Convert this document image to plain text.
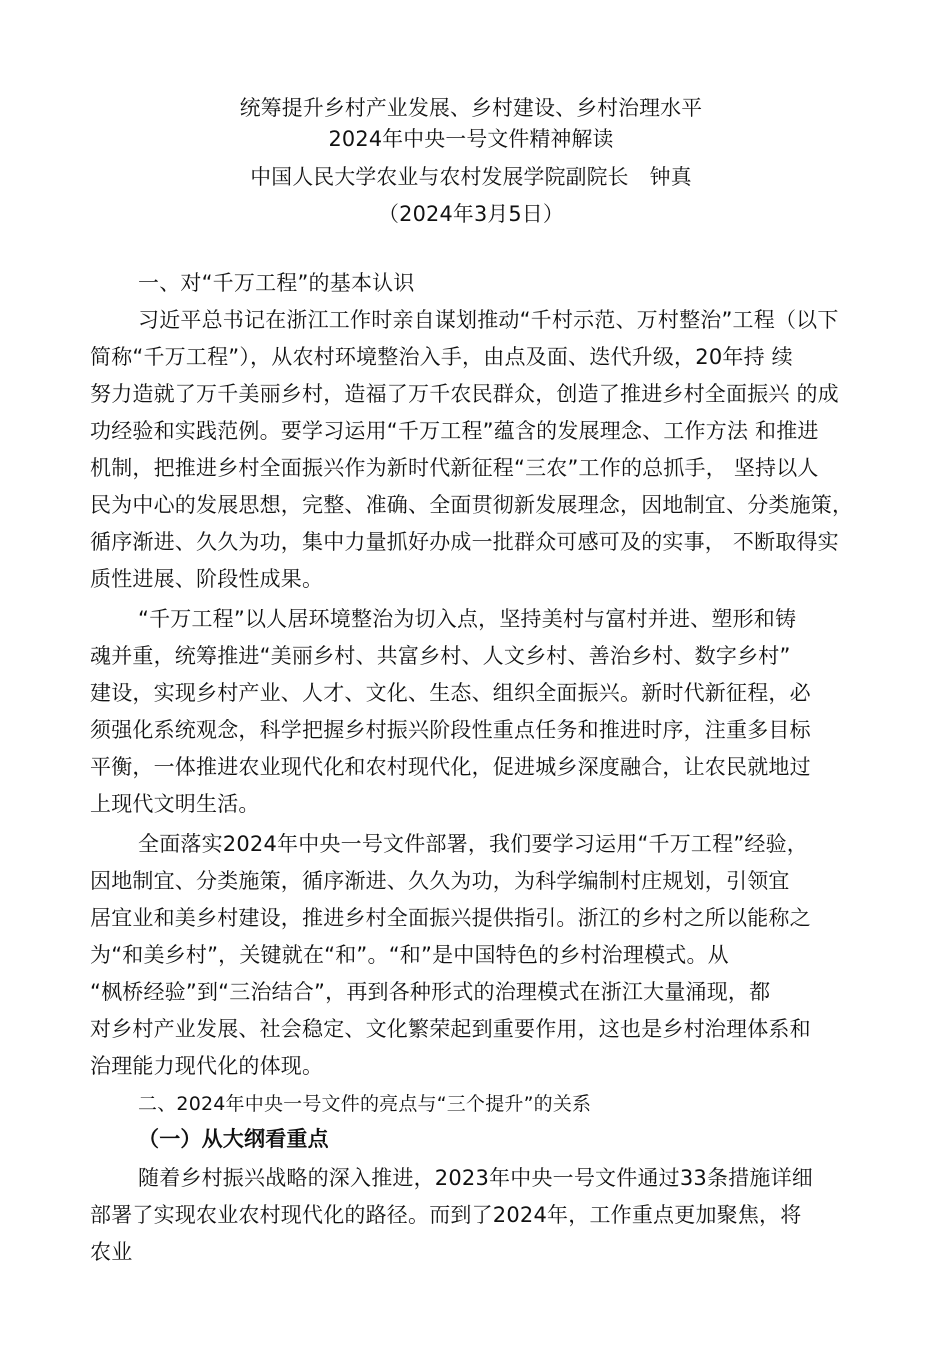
统筹提升乡村产业发展、乡村建设、乡村治理水平
2024年中央一号文件精神解读
中国人民大学农业与农村发展学院副院长　钟真
（2024年3月5日）
一、对“千万工程”的基本认识
习近平总书记在浙江工作时亲自谋划推动“千村示范、万村整治”工程（以下
简称“千万工程”），从农村环境整治入手，由点及面、迭代升级，20年持 续
努力造就了万千美丽乡村，造福了万千农民群众，创造了推进乡村全面振兴 的成
功经验和实践范例。要学习运用“千万工程”蕴含的发展理念、工作方法 和推进
机制，把推进乡村全面振兴作为新时代新征程“三农”工作的总抓手， 坚持以人
民为中心的发展思想，完整、准确、全面贯彻新发展理念，因地制宜、分类施策，
循序渐进、久久为功，集中力量抓好办成一批群众可感可及的实事， 不断取得实
质性进展、阶段性成果。
“千万工程”以人居环境整治为切入点，坚持美村与富村并进、塑形和铸
魂并重，统筹推进“美丽乡村、共富乡村、人文乡村、善治乡村、数字乡村”
建设，实现乡村产业、人才、文化、生态、组织全面振兴。新时代新征程，必
须强化系统观念，科学把握乡村振兴阶段性重点任务和推进时序，注重多目标
平衡，一体推进农业现代化和农村现代化，促进城乡深度融合，让农民就地过
上现代文明生活。
全面落实2024年中央一号文件部署，我们要学习运用“千万工程”经验，
因地制宜、分类施策，循序渐进、久久为功，为科学编制村庄规划，引领宜
居宜业和美乡村建设，推进乡村全面振兴提供指引。浙江的乡村之所以能称之
为“和美乡村”，关键就在“和”。“和”是中国特色的乡村治理模式。从
“枫桥经验”到“三治结合”，再到各种形式的治理模式在浙江大量涌现，都
对乡村产业发展、社会稳定、文化繁荣起到重要作用，这也是乡村治理体系和
治理能力现代化的体现。
二、2024年中央一号文件的亮点与“三个提升”的关系
（一）从大纲看重点
随着乡村振兴战略的深入推进，2023年中央一号文件通过33条措施详细
部署了实现农业农村现代化的路径。而到了2024年，工作重点更加聚焦，将
农业
